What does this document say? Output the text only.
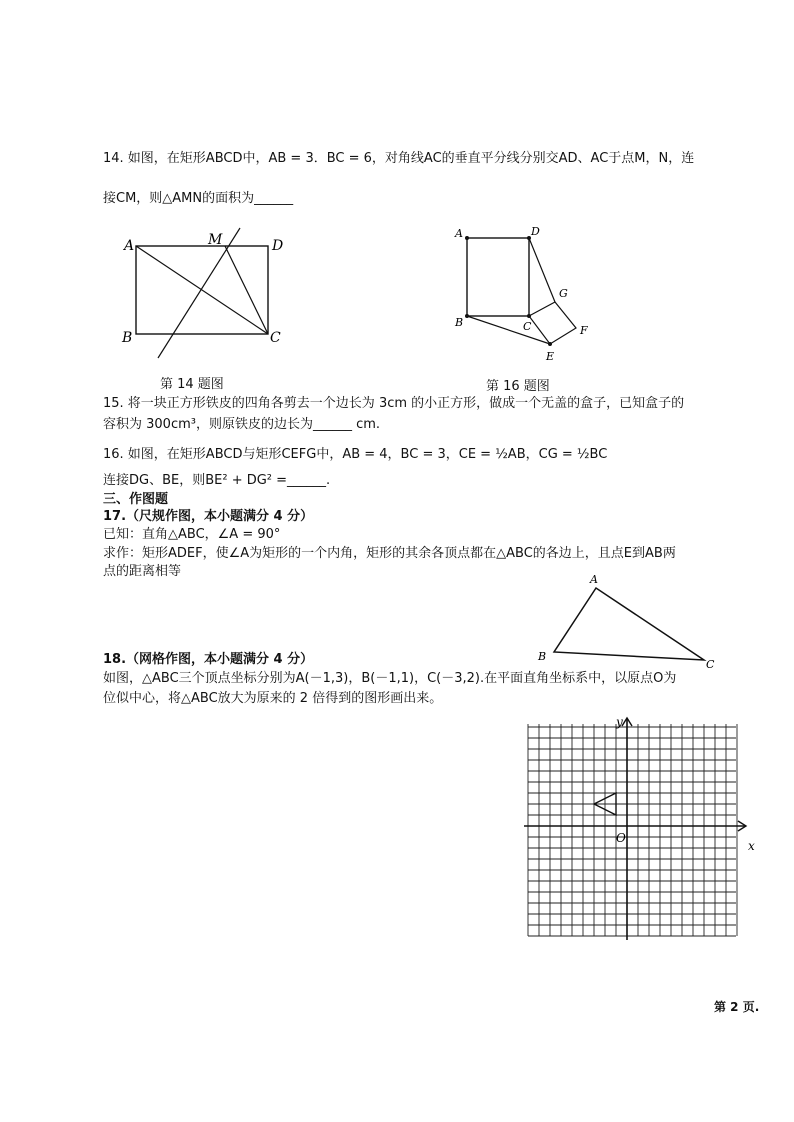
14. 如图，在矩形ABCD中，AB = 3．BC = 6，对角线AC的垂直平分线分别交AD、AC于点M，N，连
接CM，则△AMN的面积为______
A	M	D
B	C
第 14 题图
A	D
G
B	C	F
E
第 16 题图
15. 将一块正方形铁皮的四角各剪去一个边长为 3cm 的小正方形，做成一个无盖的盒子，已知盒子的
容积为 300cm³，则原铁皮的边长为______ cm.
16. 如图，在矩形ABCD与矩形CEFG中，AB = 4，BC = 3，CE = ½AB，CG = ½BC
连接DG、BE，则BE² + DG² =______.
三、作图题
17.（尺规作图，本小题满分 4 分）
已知：直角△ABC，∠A = 90°
求作：矩形ADEF，使∠A为矩形的一个内角，矩形的其余各顶点都在△ABC的各边上，且点E到AB两
点的距离相等
A
B
C
18.（网格作图，本小题满分 4 分）
如图，△ABC三个顶点坐标分别为A(－1,3)，B(－1,1)，C(－3,2).在平面直角坐标系中，以原点O为
位似中心，将△ABC放大为原来的 2 倍得到的图形画出来。
x
y
O
第 2 页.
